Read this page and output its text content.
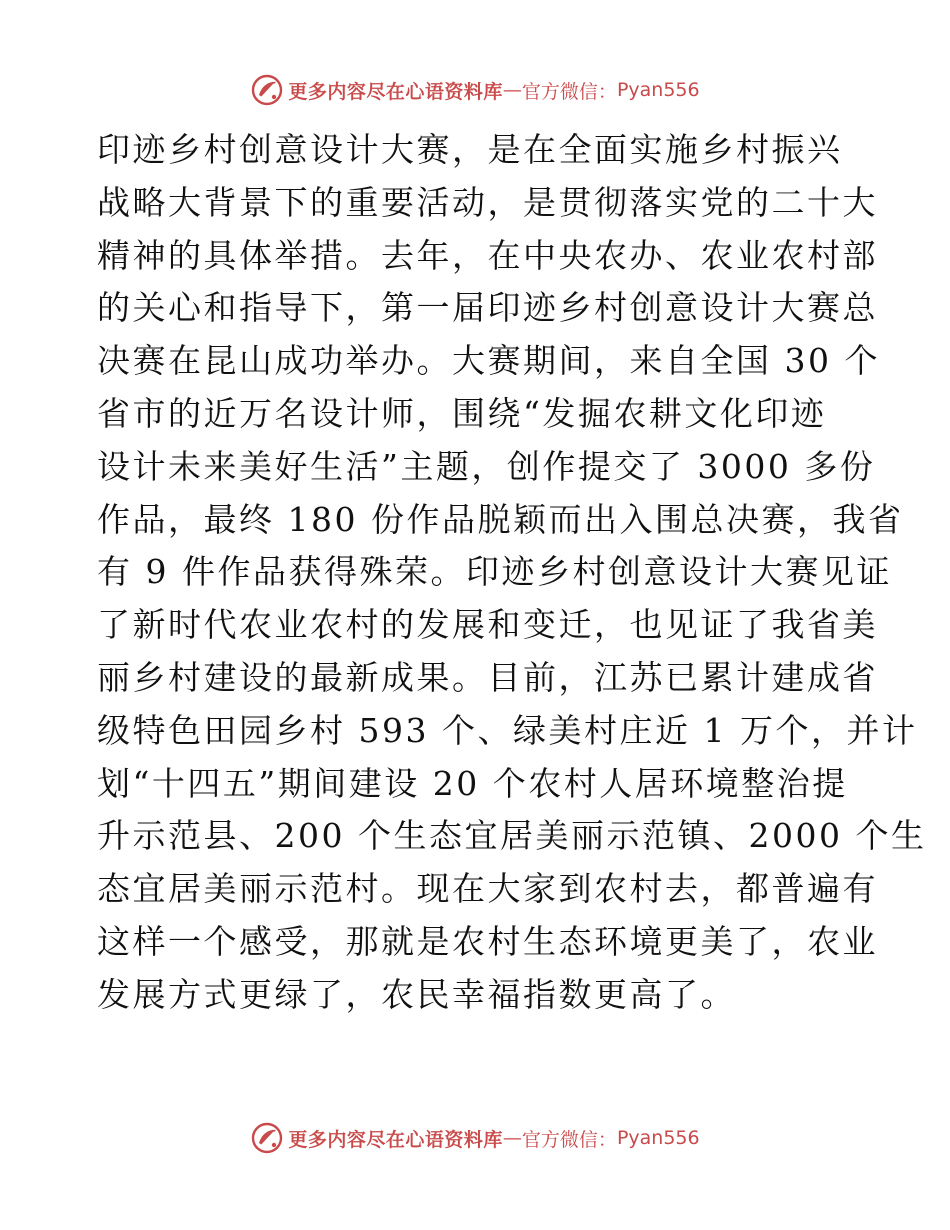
更多内容尽在心语资料库 — 官方微信： Pyan556
印迹乡村创意设计大赛，是在全面实施乡村振兴
战略大背景下的重要活动，是贯彻落实党的二十大
精神的具体举措。去年，在中央农办、农业农村部
的关心和指导下，第一届印迹乡村创意设计大赛总
决赛在昆山成功举办。大赛期间，来自全国 30 个
省市的近万名设计师，围绕“发掘农耕文化印迹
设计未来美好生活”主题，创作提交了 3000 多份
作品，最终 180 份作品脱颖而出入围总决赛，我省
有 9 件作品获得殊荣。印迹乡村创意设计大赛见证
了新时代农业农村的发展和变迁，也见证了我省美
丽乡村建设的最新成果。目前，江苏已累计建成省
级特色田园乡村 593 个、绿美村庄近 1 万个，并计
划“十四五”期间建设 20 个农村人居环境整治提
升示范县、200 个生态宜居美丽示范镇、2000 个生
态宜居美丽示范村。现在大家到农村去，都普遍有
这样一个感受，那就是农村生态环境更美了，农业
发展方式更绿了，农民幸福指数更高了。
更多内容尽在心语资料库 — 官方微信： Pyan556
